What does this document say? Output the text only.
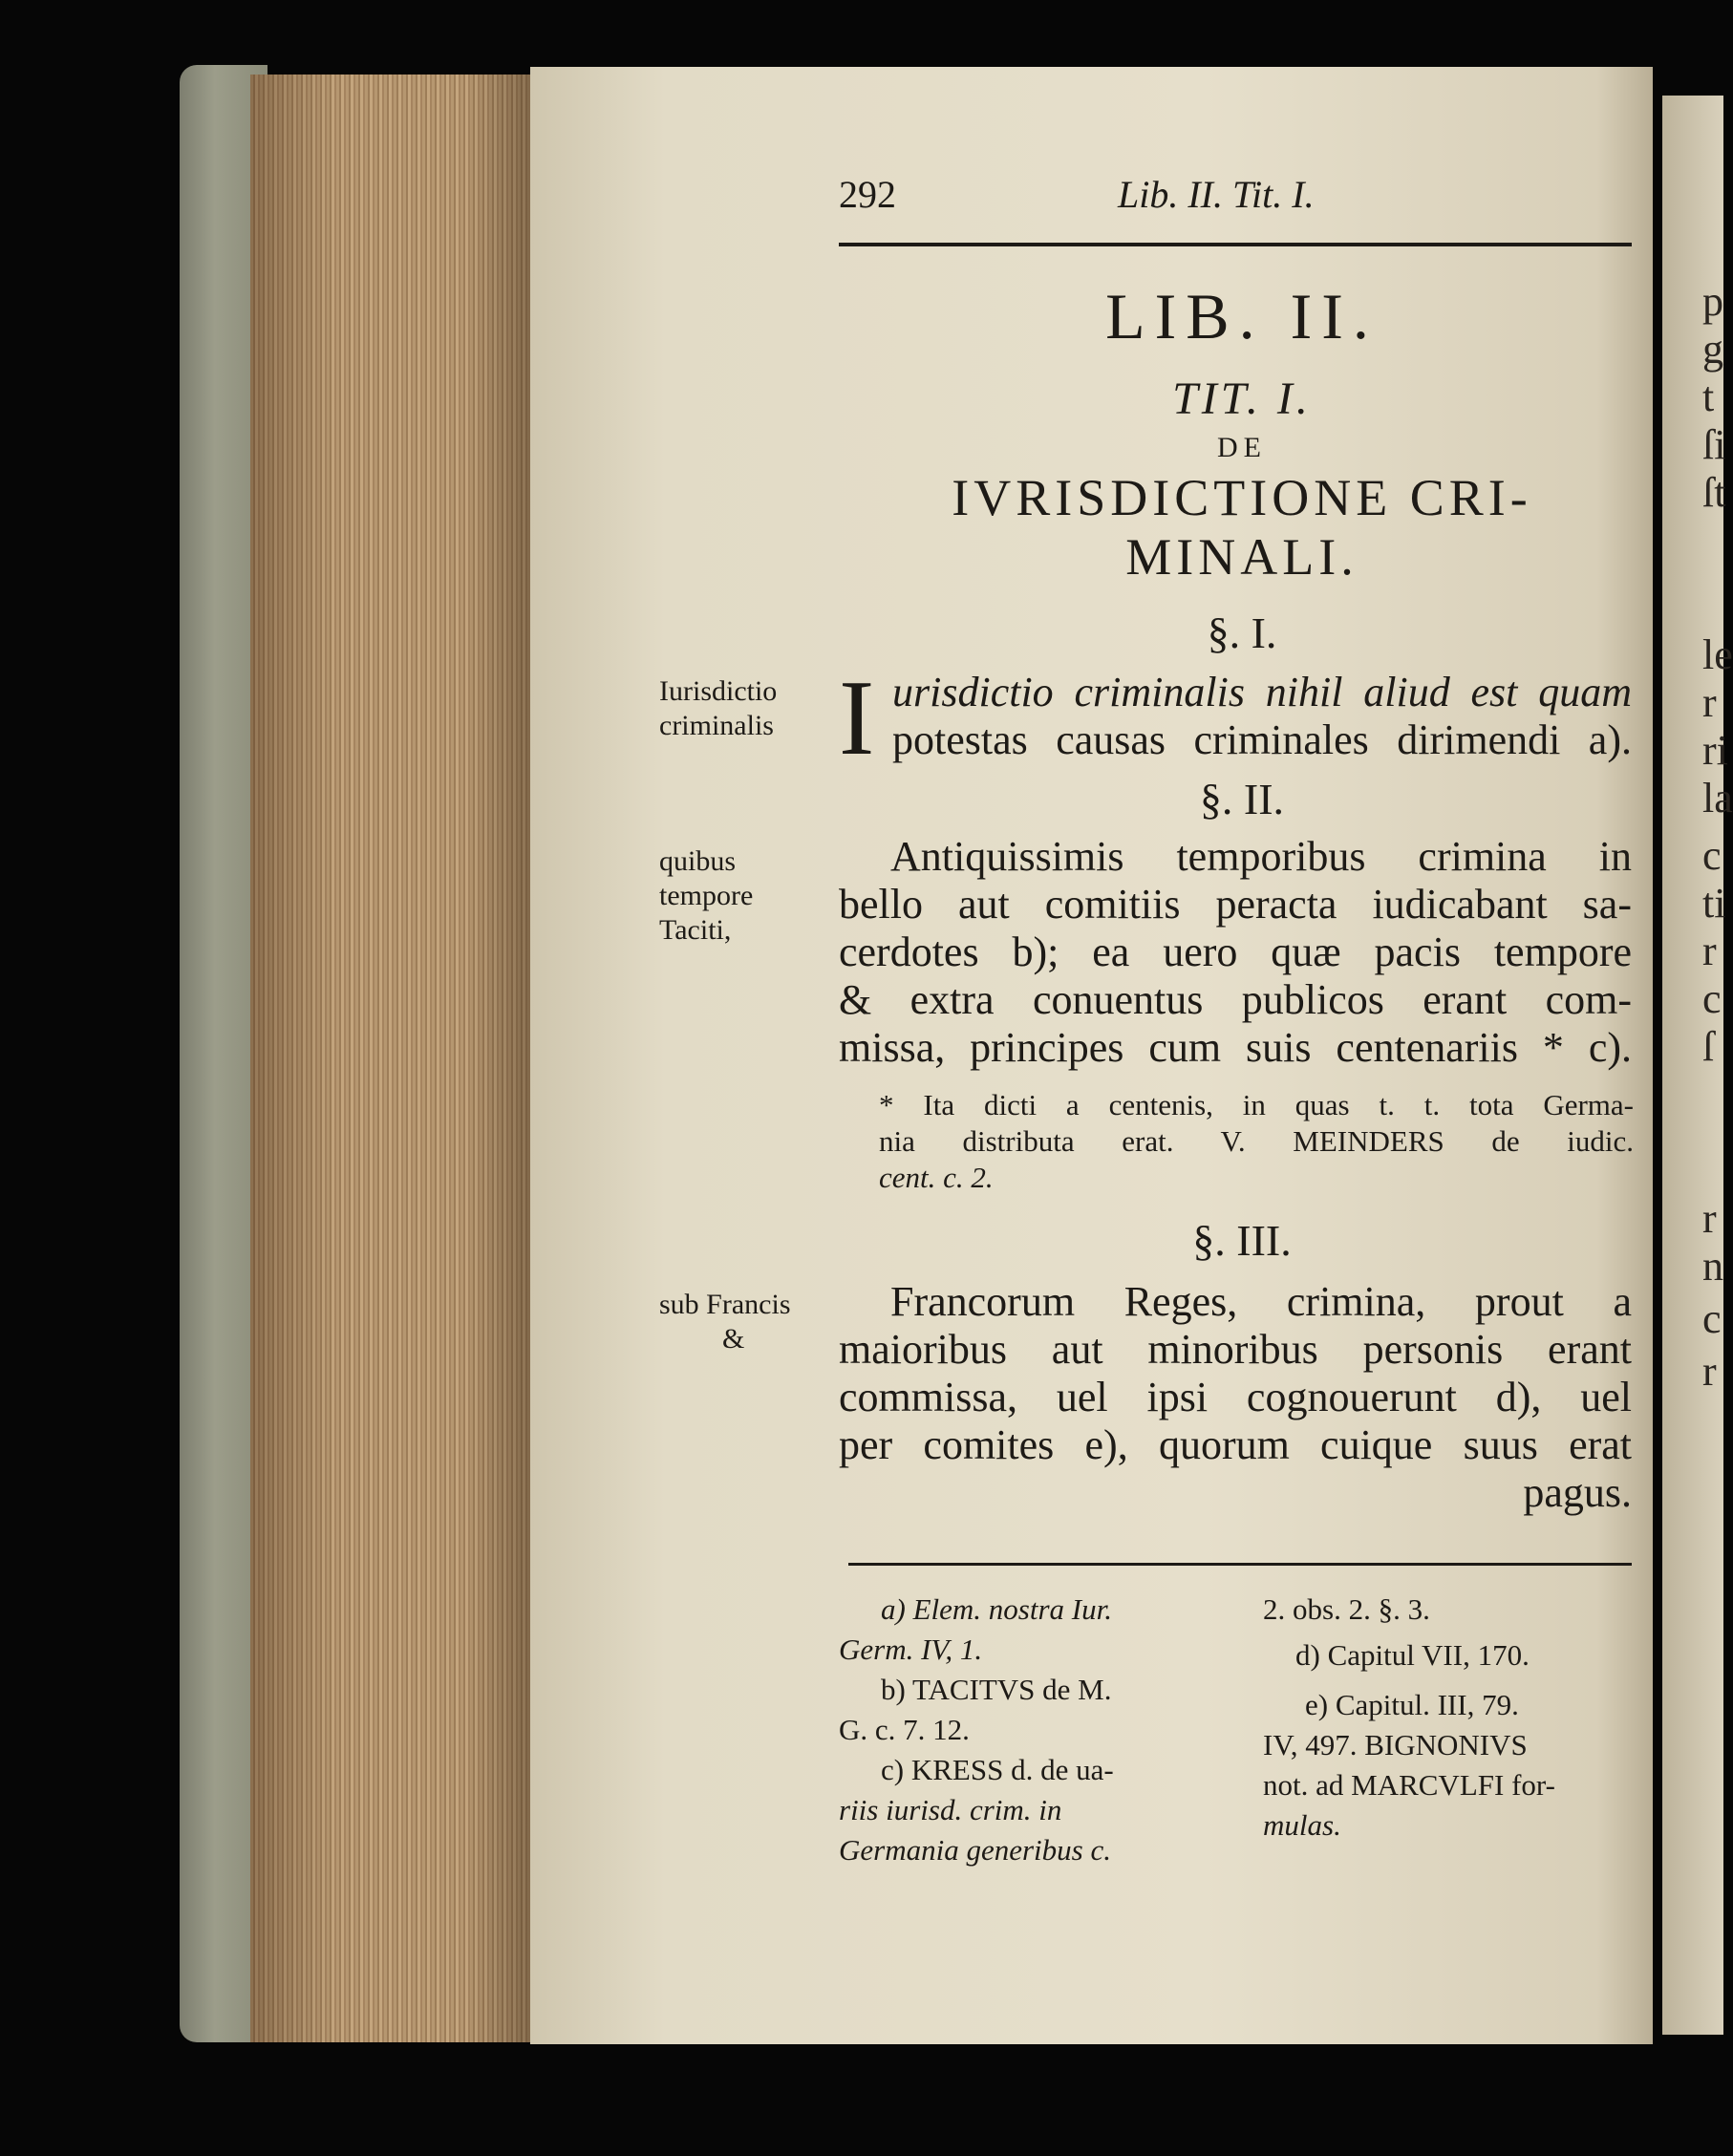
p
g
t
ſi
ſt
le
r
ri
la
c
ti
r
c
ſ
r
n
c
r
292	Lib. II. Tit. I.
LIB. II.
TIT. I.
DE
IVRISDICTIONE CRI-
MINALI.
§. I.
Iurisdictio
criminalis I urisdictio criminalis nihil aliud est quam
potestas causas criminales dirimendi a).
§. II.
quibus
tempore
Taciti,
Antiquissimis temporibus crimina in
bello aut comitiis peracta iudicabant sa-
cerdotes b); ea uero quæ pacis tempore
& extra conuentus publicos erant com-
missa, principes cum suis centenariis * c).
* Ita dicti a centenis, in quas t. t. tota Germa-
nia distributa erat. V. MEINDERS de iudic.
cent. c. 2.
§. III.
sub Francis
&
Francorum Reges, crimina, prout a
maioribus aut minoribus personis erant
commissa, uel ipsi cognouerunt d), uel
per comites e), quorum cuique suus erat
pagus.
a) Elem. nostra Iur.
Germ. IV, 1.
b) TACITVS de M.
G. c. 7. 12.
c) KRESS d. de ua-
riis iurisd. crim. in
Germania generibus c.
2. obs. 2. §. 3.
d) Capitul VII, 170.
e) Capitul. III, 79.
IV, 497. BIGNONIVS
not. ad MARCVLFI for-
mulas.
